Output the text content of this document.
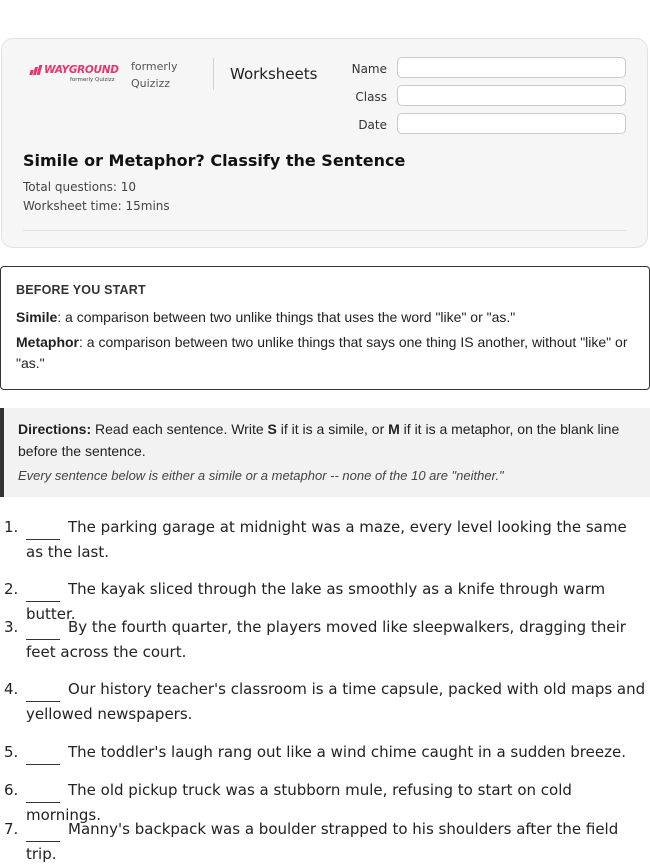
WAYGROUND
formerly Quizizz
formerly Quizizz
Worksheets	Name
Class
Date
Simile or Metaphor? Classify the Sentence
Total questions: 10
Worksheet time: 15mins
BEFORE YOU START
Simile: a comparison between two unlike things that uses the word "like" or "as."
Metaphor: a comparison between two unlike things that says one thing IS another, without "like" or "as."
Directions: Read each sentence. Write S if it is a simile, or M if it is a metaphor, on the blank line before the sentence.
Every sentence below is either a simile or a metaphor -- none of the 10 are "neither."
1.	The parking garage at midnight was a maze, every level looking the same as the last.
2.	The kayak sliced through the lake as smoothly as a knife through warm butter.
3.	By the fourth quarter, the players moved like sleepwalkers, dragging their feet across the court.
4.	Our history teacher's classroom is a time capsule, packed with old maps and yellowed newspapers.
5.	The toddler's laugh rang out like a wind chime caught in a sudden breeze.
6.	The old pickup truck was a stubborn mule, refusing to start on cold mornings.
7.	Manny's backpack was a boulder strapped to his shoulders after the field trip.
